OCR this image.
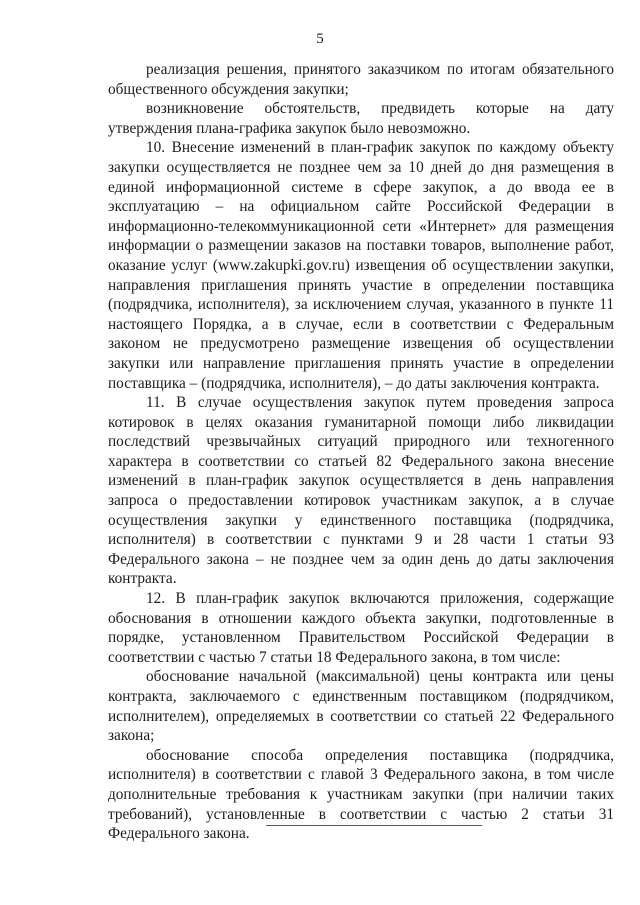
5

реализация решения, принятого заказчиком по итогам обязательного общественного обсуждения закупки;

возникновение обстоятельств, предвидеть которые на дату утверждения плана-графика закупок было невозможно.

10. Внесение изменений в план-график закупок по каждому объекту закупки осуществляется не позднее чем за 10 дней до дня размещения в единой информационной системе в сфере закупок, а до ввода ее в эксплуатацию – на официальном сайте Российской Федерации в информационно-телекоммуникационной сети «Интернет» для размещения информации о размещении заказов на поставки товаров, выполнение работ, оказание услуг (www.zakupki.gov.ru) извещения об осуществлении закупки, направления приглашения принять участие в определении поставщика (подрядчика, исполнителя), за исключением случая, указанного в пункте 11 настоящего Порядка, а в случае, если в соответствии с Федеральным законом не предусмотрено размещение извещения об осуществлении закупки или направление приглашения принять участие в определении поставщика – (подрядчика, исполнителя), – до даты заключения контракта.

11. В случае осуществления закупок путем проведения запроса котировок в целях оказания гуманитарной помощи либо ликвидации последствий чрезвычайных ситуаций природного или техногенного характера в соответствии со статьей 82 Федерального закона внесение изменений в план-график закупок осуществляется в день направления запроса о предоставлении котировок участникам закупок, а в случае осуществления закупки у единственного поставщика (подрядчика, исполнителя) в соответствии с пунктами 9 и 28 части 1 статьи 93 Федерального закона – не позднее чем за один день до даты заключения контракта.

12. В план-график закупок включаются приложения, содержащие обоснования в отношении каждого объекта закупки, подготовленные в порядке, установленном Правительством Российской Федерации в соответствии с частью 7 статьи 18 Федерального закона, в том числе:

обоснование начальной (максимальной) цены контракта или цены контракта, заключаемого с единственным поставщиком (подрядчиком, исполнителем), определяемых в соответствии со статьей 22 Федерального закона;

обоснование способа определения поставщика (подрядчика, исполнителя) в соответствии с главой 3 Федерального закона, в том числе дополнительные требования к участникам закупки (при наличии таких требований), установленные в соответствии с частью 2 статьи 31 Федерального закона.
